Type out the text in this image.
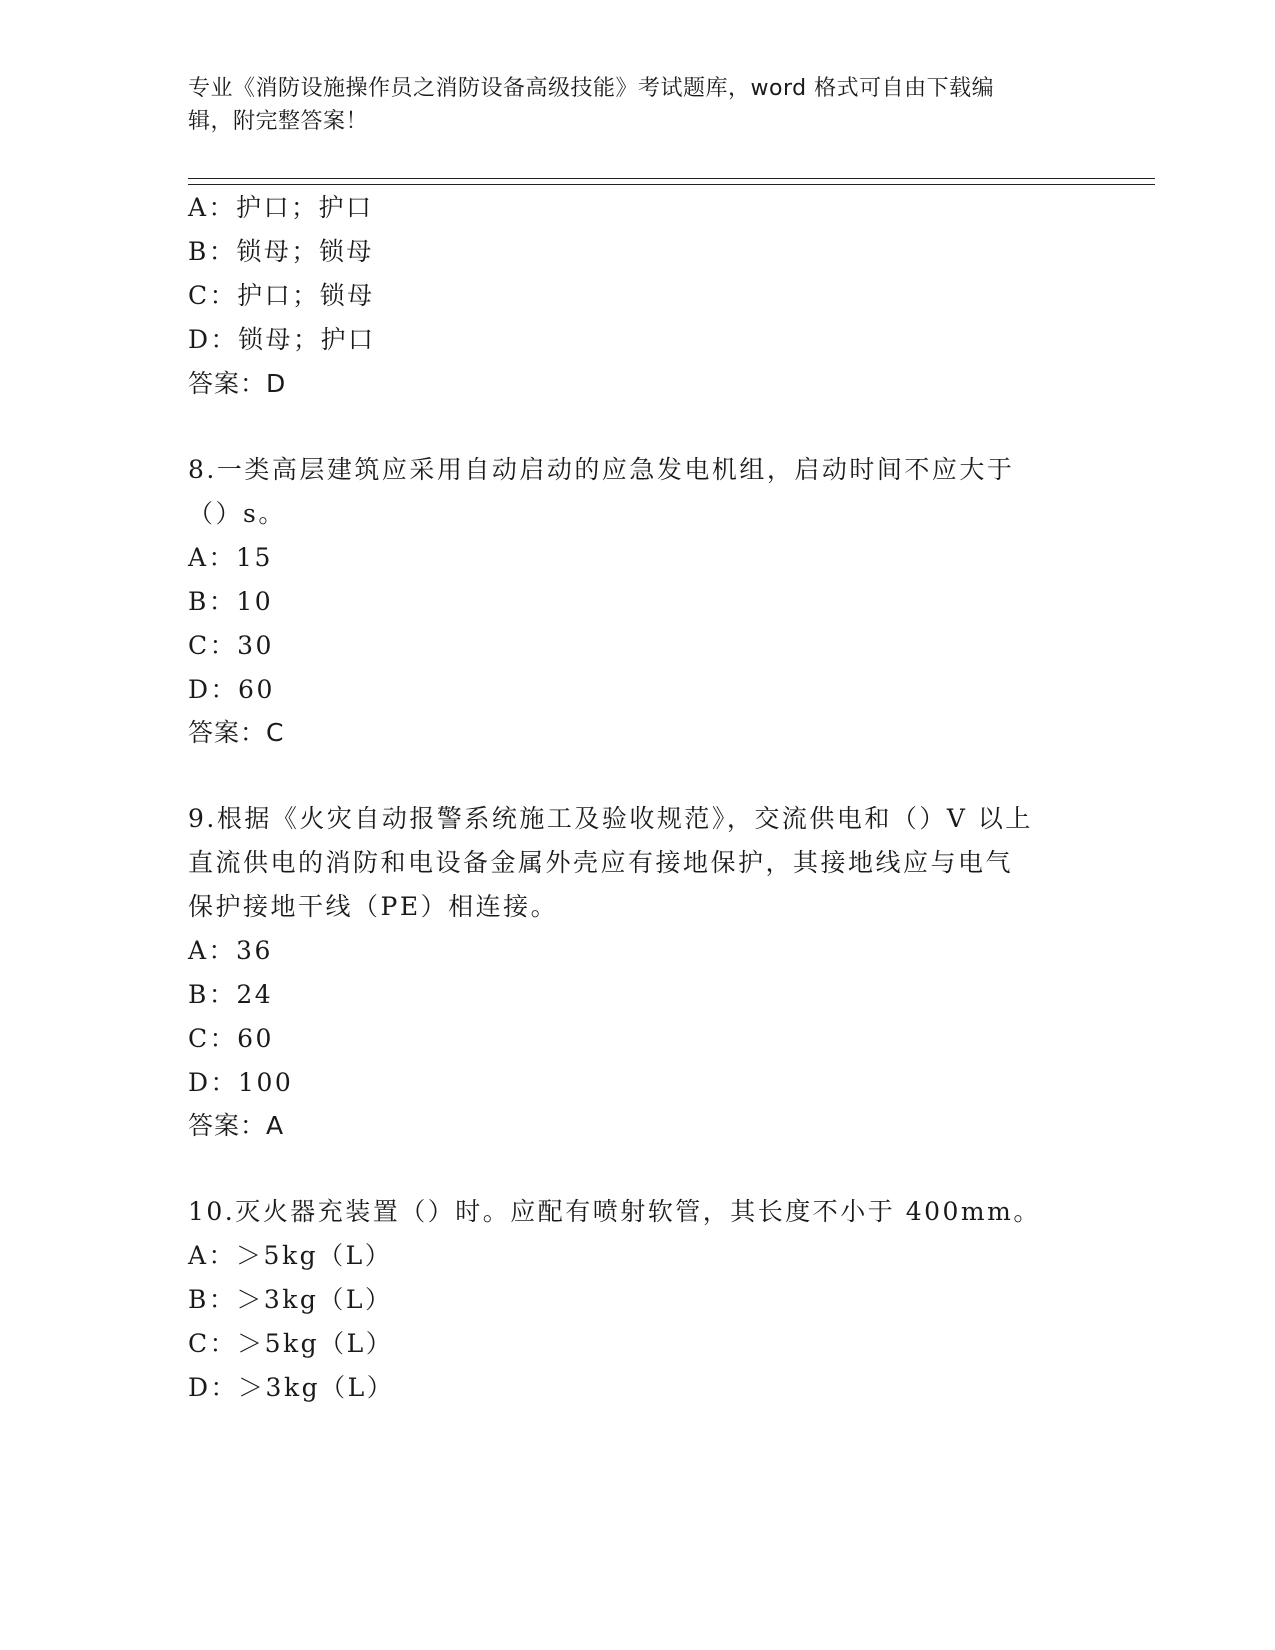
专业《消防设施操作员之消防设备高级技能》考试题库，word 格式可自由下载编
辑，附完整答案！
A：护口；护口
B：锁母；锁母
C：护口；锁母
D：锁母；护口
答案：D
8.一类高层建筑应采用自动启动的应急发电机组，启动时间不应大于
（）s。
A：15
B：10
C：30
D：60
答案：C
9.根据《火灾自动报警系统施工及验收规范》，交流供电和（）V 以上
直流供电的消防和电设备金属外壳应有接地保护，其接地线应与电气
保护接地干线（PE）相连接。
A：36
B：24
C：60
D：100
答案：A
10.灭火器充装置（）时。应配有喷射软管，其长度不小于 400mm。
A：＞5kg（L）
B：＞3kg（L）
C：＞5kg（L）
D：＞3kg（L）
